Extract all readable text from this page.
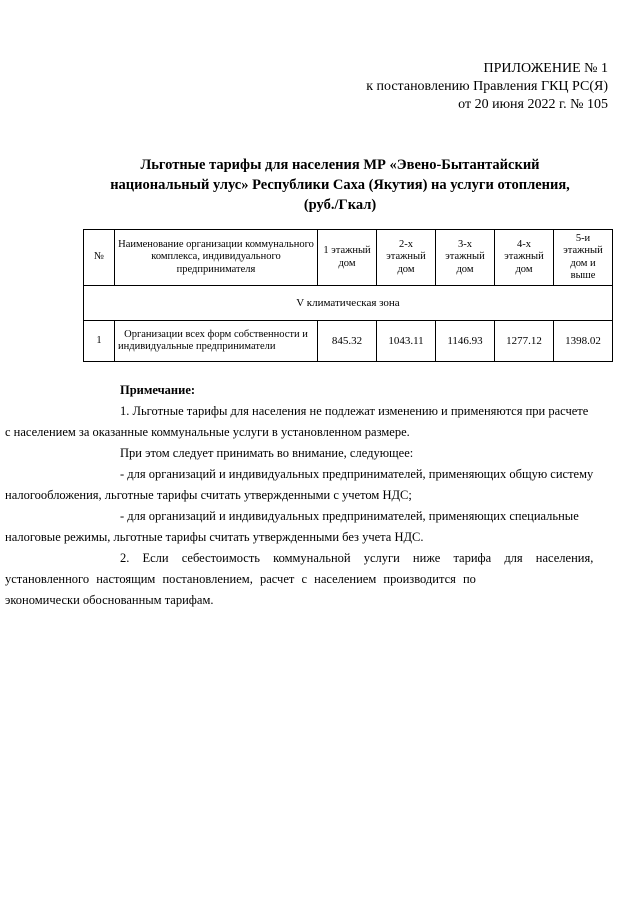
ПРИЛОЖЕНИЕ № 1
к постановлению Правления ГКЦ РС(Я)
от 20 июня 2022 г. № 105
Льготные тарифы для населения МР «Эвено-Бытантайский
национальный улус» Республики Саха (Якутия) на услуги отопления,
(руб./Гкал)
№	Наименование организации коммунального комплекса, индивидуального предпринимателя	1 этажный дом	2-х этажный дом	3-х этажный дом	4-х этажный дом	5-и этажный дом и выше
V климатическая зона						
1	Организации всех форм собственности и индивидуальные предприниматели	845.32	1043.11	1146.93	1277.12	1398.02

Примечание:

1. Льготные тарифы для населения не подлежат изменению и применяются при расчете

с населением за оказанные коммунальные услуги в установленном размере.

При этом следует принимать во внимание, следующее:

- для организаций и индивидуальных предпринимателей, применяющих общую систему

налогообложения, льготные тарифы считать утвержденными с учетом НДС;

- для организаций и индивидуальных предпринимателей, применяющих специальные

налоговые режимы, льготные тарифы считать утвержденными без учета НДС.

2. Если себестоимость коммунальной услуги ниже тарифа для населения,

установленного настоящим постановлением, расчет с населением производится по

экономически обоснованным тарифам.
